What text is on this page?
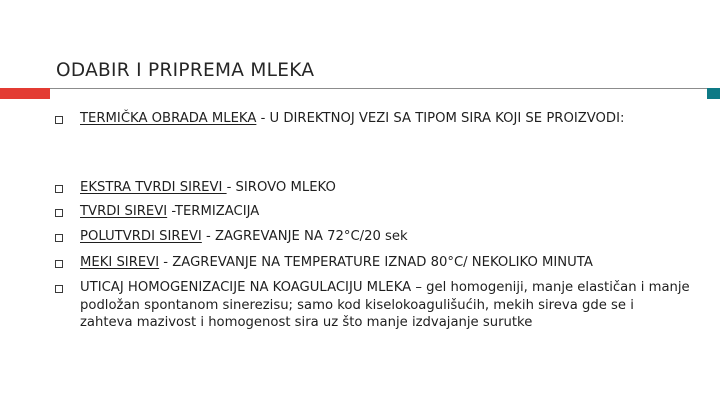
ODABIR I PRIPREMA MLEKA
TERMIČKA OBRADA MLEKA - U DIREKTNOJ VEZI SA TIPOM SIRA KOJI SE PROIZVODI:
EKSTRA TVRDI SIREVI - SIROVO MLEKO
TVRDI SIREVI -TERMIZACIJA
POLUTVRDI SIREVI - ZAGREVANJE NA 72°C/20 sek
MEKI SIREVI - ZAGREVANJE NA TEMPERATURE IZNAD 80°C/ NEKOLIKO MINUTA
UTICAJ HOMOGENIZACIJE NA KOAGULACIJU MLEKA – gel homogeniji, manje elastičan i manje podložan spontanom sinerezisu; samo kod kiselokoagulišućih, mekih sireva gde se i zahteva mazivost i homogenost sira uz što manje izdvajanje surutke
